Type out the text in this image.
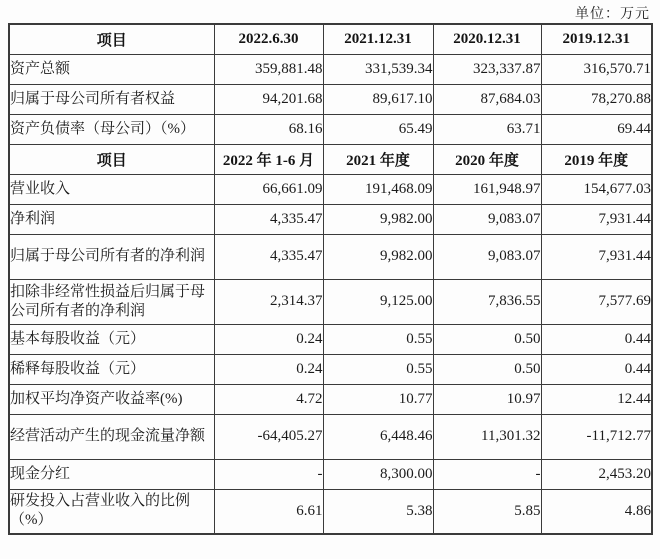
单位：万元
项目	2022.6.30	2021.12.31	2020.12.31	2019.12.31
资产总额	359,881.48	331,539.34	323,337.87	316,570.71
归属于母公司所有者权益	94,201.68	89,617.10	87,684.03	78,270.88
资产负债率（母公司）（%）	68.16	65.49	63.71	69.44
项目	2022 年 1-6 月	2021 年度	2020 年度	2019 年度
营业收入	66,661.09	191,468.09	161,948.97	154,677.03
净利润	4,335.47	9,982.00	9,083.07	7,931.44
归属于母公司所有者的净利润	4,335.47	9,982.00	9,083.07	7,931.44
扣除非经常性损益后归属于母公司所有者的净利润	2,314.37	9,125.00	7,836.55	7,577.69
基本每股收益（元）	0.24	0.55	0.50	0.44
稀释每股收益（元）	0.24	0.55	0.50	0.44
加权平均净资产收益率(%)	4.72	10.77	10.97	12.44
经营活动产生的现金流量净额	-64,405.27	6,448.46	11,301.32	-11,712.77
现金分红	-	8,300.00	-	2,453.20
研发投入占营业收入的比例（%）	6.61	5.38	5.85	4.86
